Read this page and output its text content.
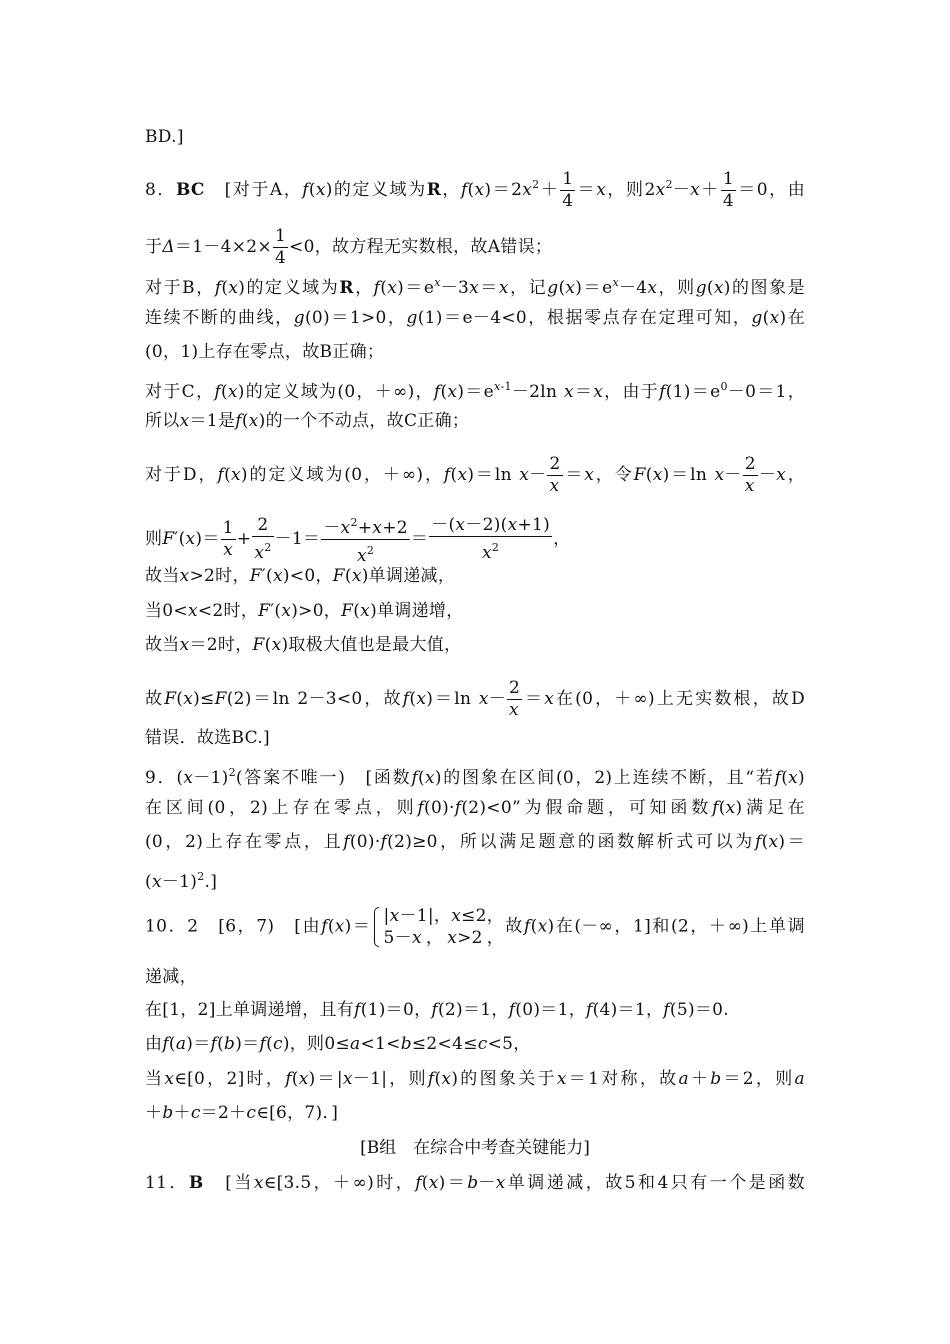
BD.]
8．BC　[对于A，f(x)的定义域为R，$f(x)=2x^2+ \frac{1}{4} =x$，则$2x^2-x+ \frac{1}{4} =0$，由
于$\Delta=1-4\times 2\times \frac{1}{4} <0$，故方程无实数根，故A错误；
对于B，f(x)的定义域为R，$f(x)=e^x-3x=x$，记$g(x)=e^x-4x$，则g(x)的图象是
连续不断的曲线，g(0)＝1>0，g(1)＝e－4<0，根据零点存在定理可知，g(x)在
(0，1)上存在零点，故B正确；
对于C，f(x)的定义域为(0，＋∞)，$f(x)=e^{x-1}-2\ln$ x＝x，由于$f(1)=e^0-0=1$，
所以x＝1是f(x)的一个不动点，故C正确；
对于D，f(x)的定义域为(0，＋∞)，f(x)＝ln $x- \frac{2}{x} =x$，令F(x)＝ln $x- \frac{2}{x} -x$，
则$F'(x)= \frac{1}{x} + \frac{2}{x^2} -1= \frac{-x^2+x+2}{x^2} = \frac{-(x-2)(x+1)}{x^2}$ ，
故当x>2时，F′(x)<0，F(x)单调递减，
当0<x<2时，F′(x)>0，F(x)单调递增，
故当x＝2时，F(x)取极大值也是最大值，
故F(x)≤F(2)＝ln 2－3<0，故f(x)＝ln $x- \frac{2}{x} =x$在(0，＋∞)上无实数根，故D
错误．故选BC.]
9．$(x-1)^2$(答案不唯一)　[函数f(x)的图象在区间(0，2)上连续不断，且“若f(x)
在区间(0，2)上存在零点，则f(0)·f(2)<0”为假命题，可知函数f(x)满足在
(0，2)上存在零点，且f(0)·f(2)≥0，所以满足题意的函数解析式可以为f(x)＝
$(x-1)^2$.]
10．2　[6，7)　[由f(x)＝
|x－1|，x≤2，
5－x，x>2，
故f(x)在(－∞，1]和(2，＋∞)上单调
递减，
在[1，2]上单调递增，且有f(1)＝0，f(2)＝1，f(0)＝1，f(4)＝1，f(5)＝0.
由f(a)＝f(b)＝f(c)，则0≤a<1<b≤2<4≤c<5，
当x∈[0，2]时，f(x)＝|x－1|，则f(x)的图象关于x＝1对称，故a＋b＝2，则a
＋b＋c＝2＋c∈[6，7)．]
[B组　在综合中考查关键能力]
11．B　[当x∈[3.5，＋∞)时，f(x)＝b－x单调递减，故5和4只有一个是函数
